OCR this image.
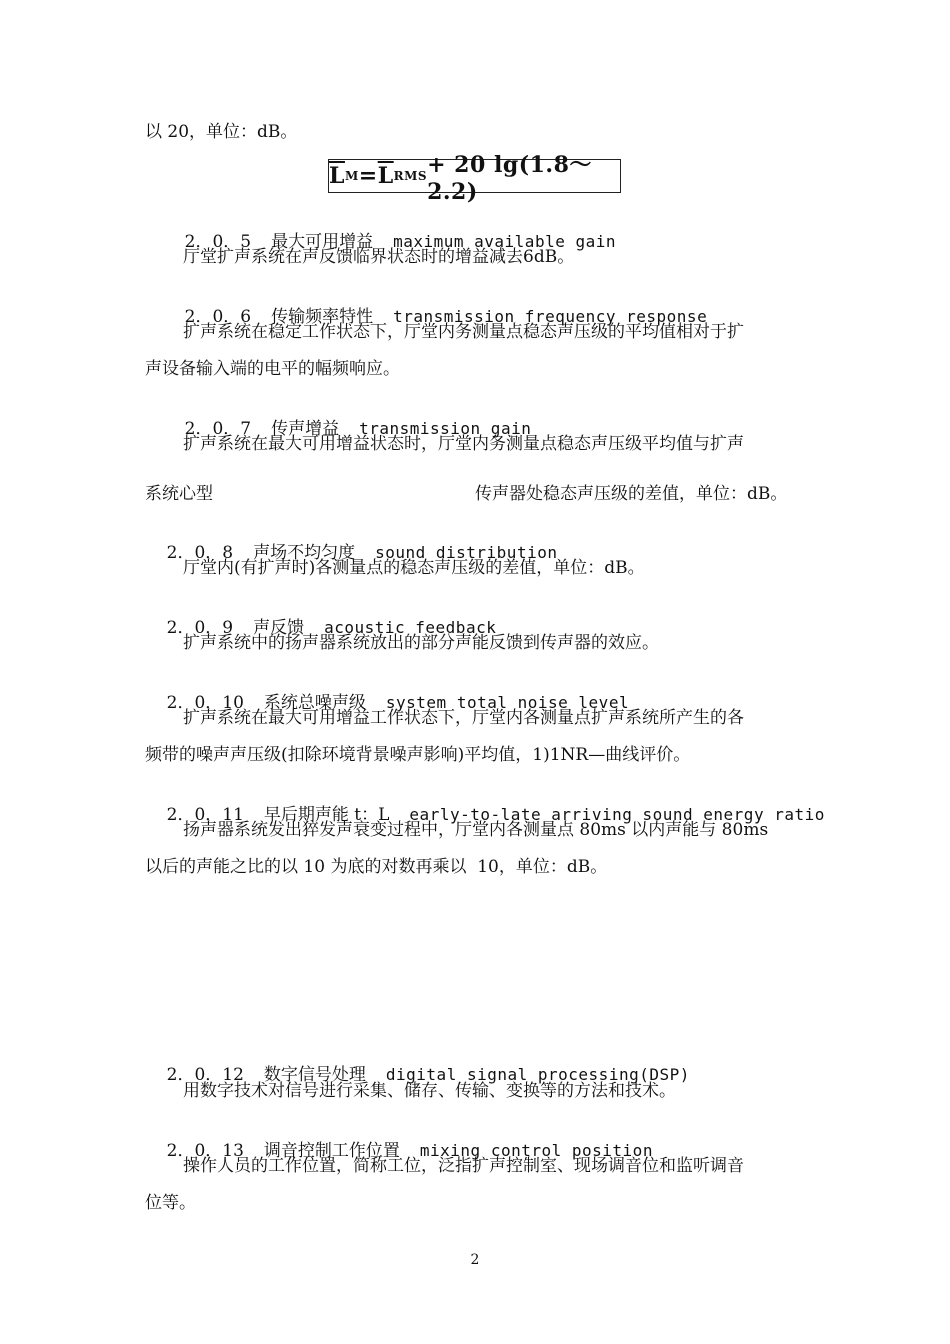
以 20，单位：dB。
$\overline{L}$ $M = \overline{L}$ RMS + 20 lg(1.8～2.2)

2．0．5 最大可用增益 maximum available gain

厅堂扩声系统在声反馈临界状态时的增益减去6dB。

2．0．6 传输频率特性 transmission frequency response

扩声系统在稳定工作状态下，厅堂内务测量点稳态声压级的平均值相对于扩
声设备输入端的电平的幅频响应。

2．0．7 传声增益 transmission gain

扩声系统在最大可用增益状态时，厅堂内务测量点稳态声压级平均值与扩声
系统心型	传声器处稳态声压级的差值，单位：dB。

2．0．8 声场不均匀度 sound distribution

厅堂内(有扩声时)各测量点的稳态声压级的差值，单位：dB。

2．0．9 声反馈 acoustic feedback

扩声系统中的扬声器系统放出的部分声能反馈到传声器的效应。

2．0．10 系统总噪声级 system total noise level

扩声系统在最大可用增益工作状态下，厅堂内各测量点扩声系统所产生的各
频带的噪声声压级(扣除环境背景噪声影响)平均值，1)1NR—曲线评价。

2．0．11 早后期声能 t：L early-to-late arriving sound energy ratio

扬声器系统发出猝发声衰变过程中，厅堂内各测量点 80ms 以内声能与 80ms
以后的声能之比的以 10 为底的对数再乘以  10，单位：dB。

2．0．12 数字信号处理 digital signal processing(DSP)

用数字技术对信号进行采集、储存、传输、变换等的方法和技术。

2．0．13 调音控制工作位置 mixing control position

操作人员的工作位置，简称工位，泛指扩声控制室、现场调音位和监听调音
位等。
2
